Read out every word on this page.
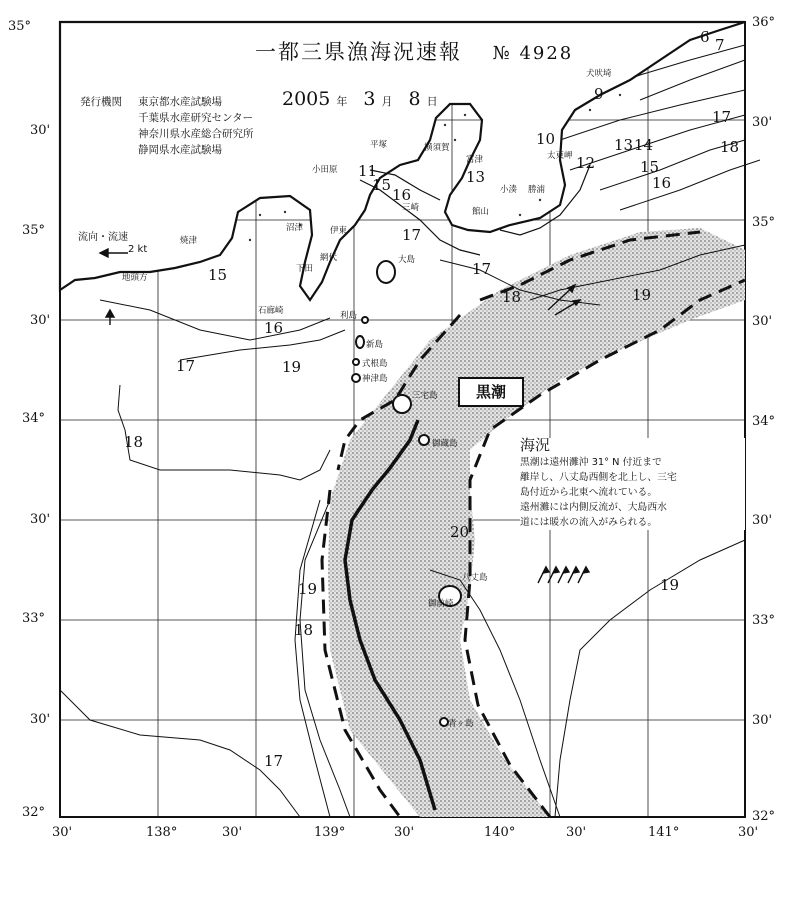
6 7
9
10
12
13 14
15
16
17
18
11
15
16
13
17
18	19
15
16
17	19
18
20
19
18
17
19
17
犬吠埼
太東岬
小湊 勝浦
富津
館山
横須賀
平塚
小田原
三崎
伊東
沼津
下田
石廊崎
焼津
地頭方
網代	大島
利島
新島
式根島
神津島
三宅島
御蔵島
八丈島
御前崎
青ヶ島
35°
30'
35°
30'
34°
30'
33°
30'
32°
36°
30'
35°
30'
34°
30'
33°
30'
32°
30'	138°	30'	139°	30'	140°	30'	141°	30'
流向・流速
2 kt
一都三県漁海況速報 № 4928
2005 年 3 月 8 日
発行機関 東京都水産試験場
千葉県水産研究センター
神奈川県水産総合研究所
静岡県水産試験場
黒潮
海況

黒潮は遠州灘沖 31° N 付近まで

離岸し、八丈島西側を北上し、三宅

島付近から北東へ流れている。

遠州灘には内側反流が、大島西水

道には暖水の流入がみられる。
